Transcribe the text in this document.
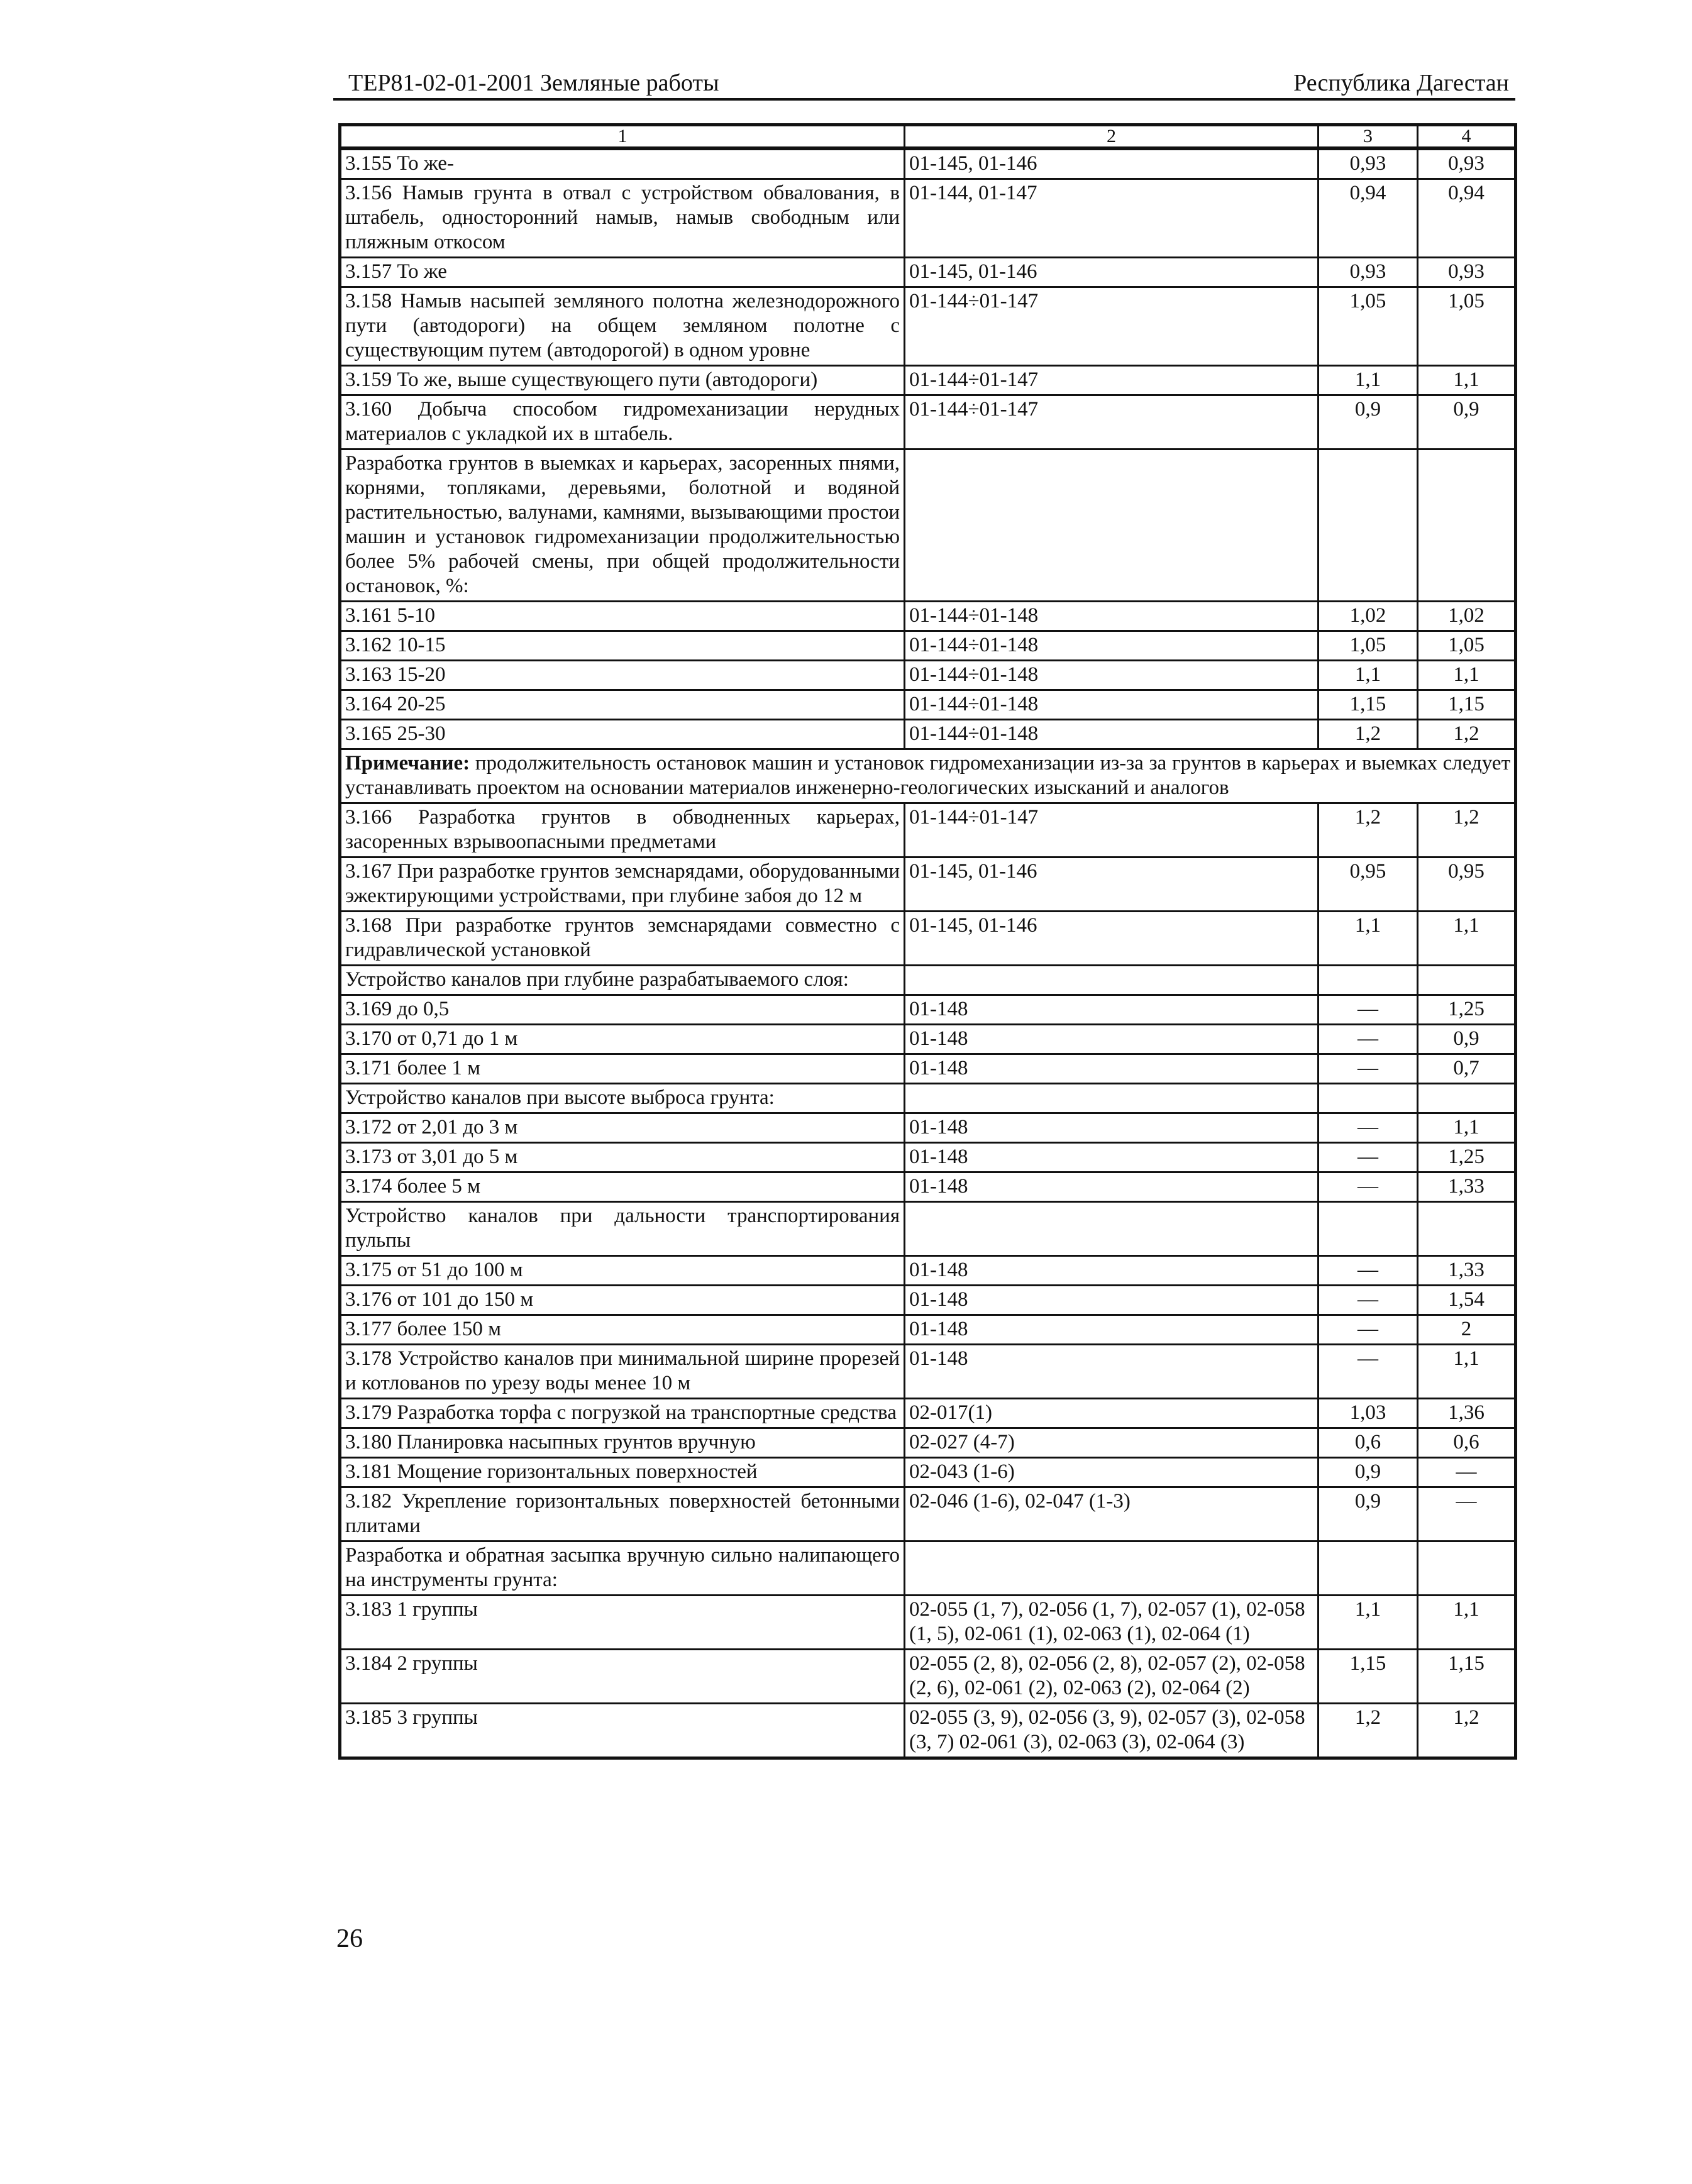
ТЕР81-02-01-2001 Земляные работы	Республика Дагестан
1	2	3	4
3.155 То же-	01-145, 01-146	0,93	0,93
3.156 Намыв грунта в отвал с устройством обвалования, в штабель, односторонний намыв, намыв свободным или пляжным откосом	01-144, 01-147	0,94	0,94
3.157 То же	01-145, 01-146	0,93	0,93
3.158 Намыв насыпей земляного полотна железнодорожного пути (автодороги) на общем земляном полотне с существующим путем (автодорогой) в одном уровне	01-144÷01-147	1,05	1,05
3.159 То же, выше существующего пути (автодороги)	01-144÷01-147	1,1	1,1
3.160 Добыча способом гидромеханизации нерудных материалов с укладкой их в штабель.	01-144÷01-147	0,9	0,9
Разработка грунтов в выемках и карьерах, засоренных пнями, корнями, топляками, деревьями, болотной и водяной растительностью, валунами, камнями, вызывающими простои машин и установок гидромеханизации продолжительностью более 5% рабочей смены, при общей продолжительности остановок, %:			
3.161 5-10	01-144÷01-148	1,02	1,02
3.162 10-15	01-144÷01-148	1,05	1,05
3.163 15-20	01-144÷01-148	1,1	1,1
3.164 20-25	01-144÷01-148	1,15	1,15
3.165 25-30	01-144÷01-148	1,2	1,2
Примечание: продолжительность остановок машин и установок гидромеханизации из-за за грунтов в карьерах и выемках следует устанавливать проектом на основании материалов инженерно-геологических изысканий и аналогов			
3.166 Разработка грунтов в обводненных карьерах, засоренных взрывоопасными предметами	01-144÷01-147	1,2	1,2
3.167 При разработке грунтов земснарядами, оборудованными эжектирующими устройствами, при глубине забоя до 12 м	01-145, 01-146	0,95	0,95
3.168 При разработке грунтов земснарядами совместно с гидравлической установкой	01-145, 01-146	1,1	1,1
Устройство каналов при глубине разрабатываемого слоя:			
3.169 до 0,5	01-148	—	1,25
3.170 от 0,71 до 1 м	01-148	—	0,9
3.171 более 1 м	01-148	—	0,7
Устройство каналов при высоте выброса грунта:			
3.172 от 2,01 до 3 м	01-148	—	1,1
3.173 от 3,01 до 5 м	01-148	—	1,25
3.174 более 5 м	01-148	—	1,33
Устройство каналов при дальности транспортирования пульпы			
3.175 от 51 до 100 м	01-148	—	1,33
3.176 от 101 до 150 м	01-148	—	1,54
3.177 более 150 м	01-148	—	2
3.178 Устройство каналов при минимальной ширине прорезей и котлованов по урезу воды менее 10 м	01-148	—	1,1
3.179 Разработка торфа с погрузкой на транспортные средства	02-017(1)	1,03	1,36
3.180 Планировка насыпных грунтов вручную	02-027 (4-7)	0,6	0,6
3.181 Мощение горизонтальных поверхностей	02-043 (1-6)	0,9	—
3.182 Укрепление горизонтальных поверхностей бетонными плитами	02-046 (1-6), 02-047 (1-3)	0,9	—
Разработка и обратная засыпка вручную сильно налипающего на инструменты грунта:			
3.183 1 группы	02-055 (1, 7), 02-056 (1, 7), 02-057 (1), 02-058 (1, 5), 02-061 (1), 02-063 (1), 02-064 (1)	1,1	1,1
3.184 2 группы	02-055 (2, 8), 02-056 (2, 8), 02-057 (2), 02-058 (2, 6), 02-061 (2), 02-063 (2), 02-064 (2)	1,15	1,15
3.185 3 группы	02-055 (3, 9), 02-056 (3, 9), 02-057 (3), 02-058 (3, 7) 02-061 (3), 02-063 (3), 02-064 (3)	1,2	1,2
26
